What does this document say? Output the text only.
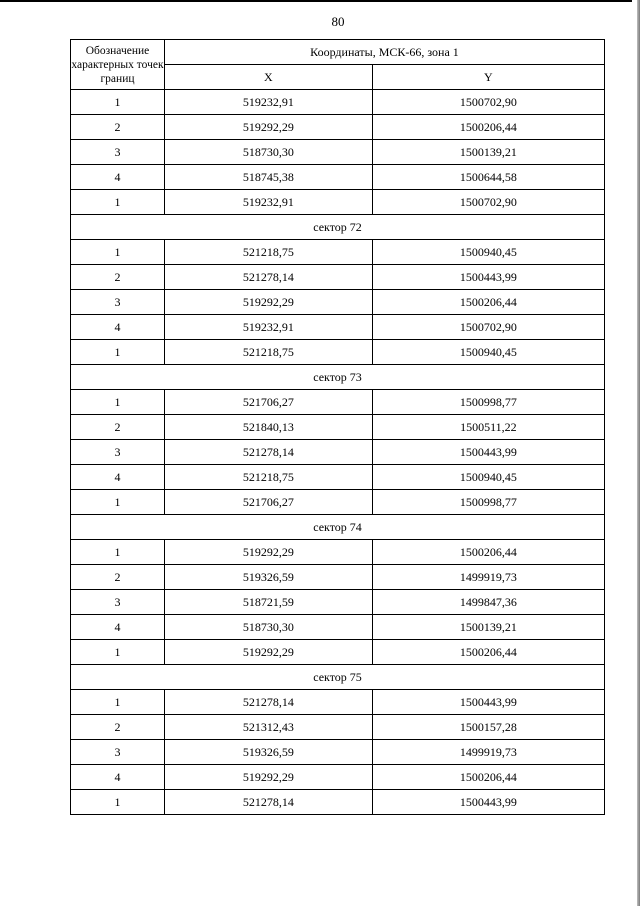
80
Обозначение характерных точек границ	Координаты, МСК-66, зона 1	
	X	Y
1	519232,91	1500702,90
2	519292,29	1500206,44
3	518730,30	1500139,21
4	518745,38	1500644,58
1	519232,91	1500702,90
сектор 72		
1	521218,75	1500940,45
2	521278,14	1500443,99
3	519292,29	1500206,44
4	519232,91	1500702,90
1	521218,75	1500940,45
сектор 73		
1	521706,27	1500998,77
2	521840,13	1500511,22
3	521278,14	1500443,99
4	521218,75	1500940,45
1	521706,27	1500998,77
сектор 74		
1	519292,29	1500206,44
2	519326,59	1499919,73
3	518721,59	1499847,36
4	518730,30	1500139,21
1	519292,29	1500206,44
сектор 75		
1	521278,14	1500443,99
2	521312,43	1500157,28
3	519326,59	1499919,73
4	519292,29	1500206,44
1	521278,14	1500443,99
